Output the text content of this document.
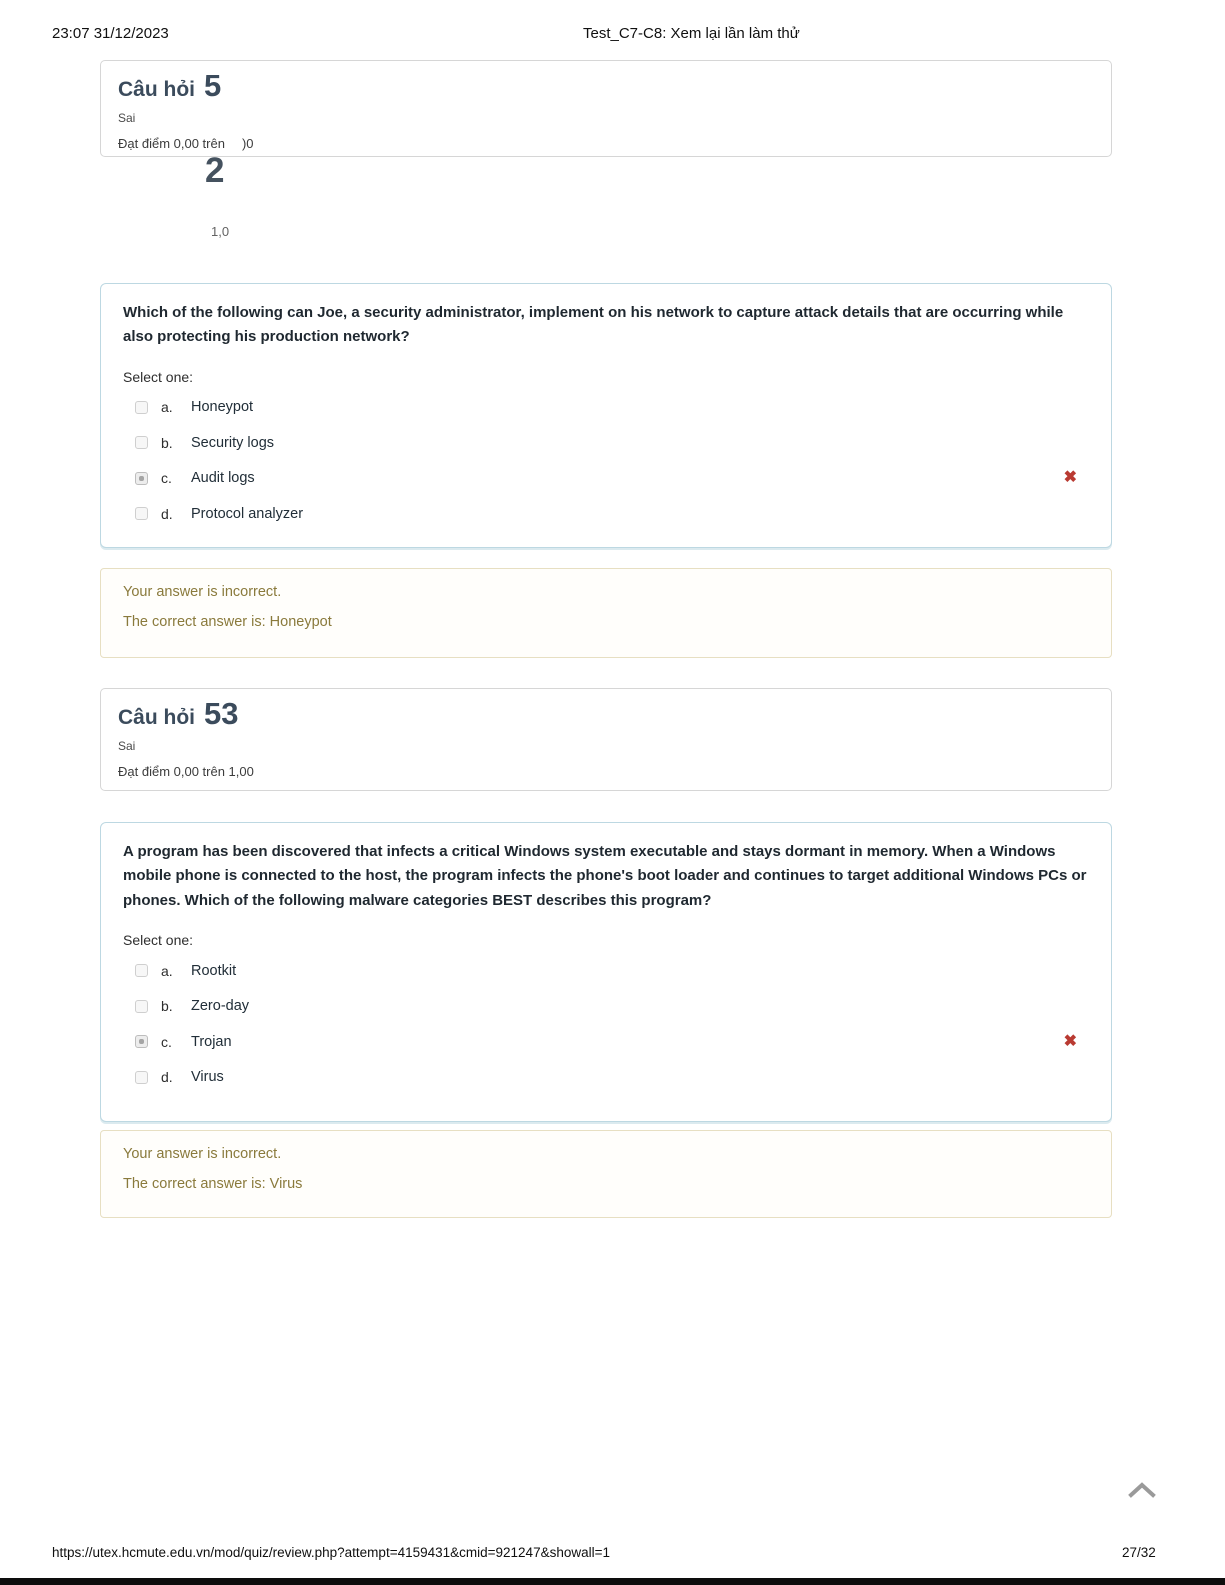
23:07 31/12/2023	Test_C7-C8: Xem lại lần làm thử
Câu hỏi 5
Sai
Đạt điểm 0,00 trên )0
2
1,0
Which of the following can Joe, a security administrator, implement on his network to capture attack details that are occurring while also protecting his production network?
Select one:
a.	Honeypot
b.	Security logs
c.	Audit logs	✖
d.	Protocol analyzer
Your answer is incorrect.
The correct answer is: Honeypot
Câu hỏi 53
Sai
Đạt điểm 0,00 trên 1,00
A program has been discovered that infects a critical Windows system executable and stays dormant in memory. When a Windows mobile phone is connected to the host, the program infects the phone's boot loader and continues to target additional Windows PCs or phones. Which of the following malware categories BEST describes this program?
Select one:
a.	Rootkit
b.	Zero-day
c.	Trojan	✖
d.	Virus
Your answer is incorrect.
The correct answer is: Virus
https://utex.hcmute.edu.vn/mod/quiz/review.php?attempt=4159431&cmid=921247&showall=1	27/32
